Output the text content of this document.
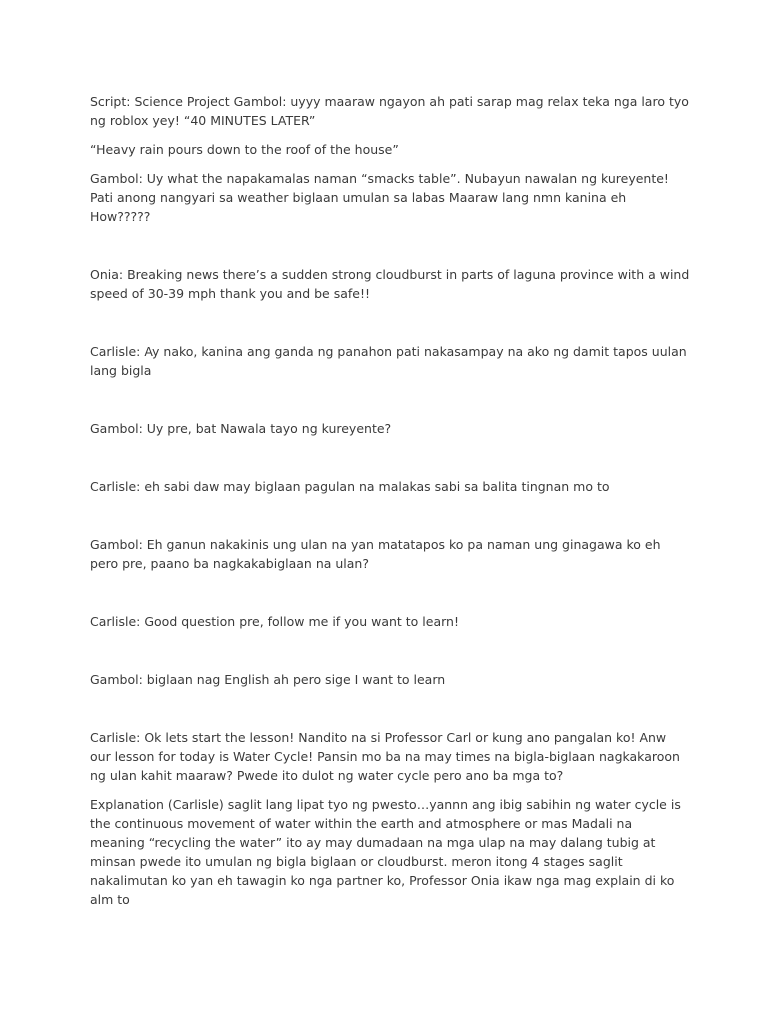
Script: Science Project Gambol: uyyy maaraw ngayon ah pati sarap mag relax teka nga laro tyo ng roblox yey! “40 MINUTES LATER”

“Heavy rain pours down to the roof of the house”

Gambol: Uy what the napakamalas naman “smacks table”. Nubayun nawalan ng kureyente! Pati anong nangyari sa weather biglaan umulan sa labas Maaraw lang nmn kanina eh How?????

Onia: Breaking news there’s a sudden strong cloudburst in parts of laguna province with a wind speed of 30-39 mph thank you and be safe!!

Carlisle: Ay nako, kanina ang ganda ng panahon pati nakasampay na ako ng damit tapos uulan lang bigla

Gambol: Uy pre, bat Nawala tayo ng kureyente?

Carlisle: eh sabi daw may biglaan pagulan na malakas sabi sa balita tingnan mo to

Gambol: Eh ganun nakakinis ung ulan na yan matatapos ko pa naman ung ginagawa ko eh pero pre, paano ba nagkakabiglaan na ulan?

Carlisle: Good question pre, follow me if you want to learn!

Gambol: biglaan nag English ah pero sige I want to learn

Carlisle: Ok lets start the lesson! Nandito na si Professor Carl or kung ano pangalan ko! Anw our lesson for today is Water Cycle! Pansin mo ba na may times na bigla-biglaan nagkakaroon ng ulan kahit maaraw? Pwede ito dulot ng water cycle pero ano ba mga to?

Explanation (Carlisle) saglit lang lipat tyo ng pwesto…yannn ang ibig sabihin ng water cycle is the continuous movement of water within the earth and atmosphere or mas Madali na meaning “recycling the water” ito ay may dumadaan na mga ulap na may dalang tubig at minsan pwede ito umulan ng bigla biglaan or cloudburst. meron itong 4 stages saglit nakalimutan ko yan eh tawagin ko nga partner ko, Professor Onia ikaw nga mag explain di ko alm to
